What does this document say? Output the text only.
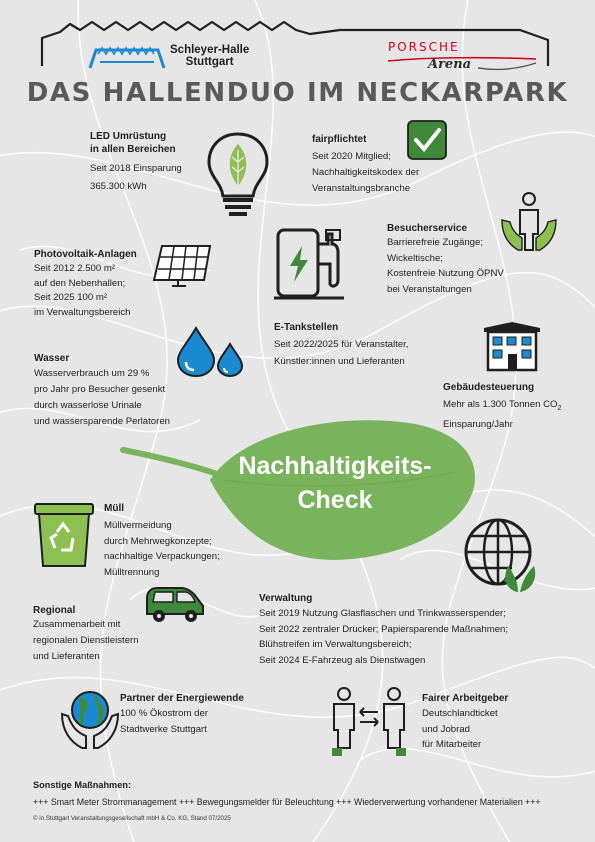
Schleyer-Halle
Stuttgart
PORSCHE
Arena
DAS HALLENDUO IM NECKARPARK
LED Umrüstung
in allen Bereichen
Seit 2018 Einsparung
365.300 kWh
fairpflichtet
Seit 2020 Mitglied;
Nachhaltigkeitskodex der
Veranstaltungsbranche
Photovoltaik-Anlagen
Seit 2012 2.500 m²
auf den Nebenhallen;
Seit 2025 100 m²
im Verwaltungsbereich
E-Tankstellen
Seit 2022/2025 für Veranstalter,
Künstler:innen und Lieferanten
Besucherservice
Barrierefreie Zugänge;
Wickeltische;
Kostenfreie Nutzung ÖPNV
bei Veranstaltungen
Wasser
Wasserverbrauch um 29 %
pro Jahr pro Besucher gesenkt
durch wasserlose Urinale
und wassersparende Perlatoren
Gebäudesteuerung
Mehr als 1.300 Tonnen $CO_2$
Einsparung/Jahr
Nachhaltigkeits-
Check
Müll
Müllvermeidung
durch Mehrwegkonzepte;
nachhaltige Verpackungen;
Mülltrennung
Regional
Zusammenarbeit mit
regionalen Dienstleistern
und Lieferanten
Verwaltung
Seit 2019 Nutzung Glasflaschen und Trinkwasserspender;
Seit 2022 zentraler Drucker; Papiersparende Maßnahmen;
Blühstreifen im Verwaltungsbereich;
Seit 2024 E-Fahrzeug als Dienstwagen
Partner der Energiewende
100 % Ökostrom der
Stadtwerke Stuttgart
Fairer Arbeitgeber
Deutschlandticket
und Jobrad
für Mitarbeiter
Sonstige Maßnahmen:
+++ Smart Meter Strommanagement +++ Bewegungsmelder für Beleuchtung +++ Wiederverwertung vorhandener Materialien +++
© in.Stuttgart Veranstaltungsgesellschaft mbH & Co. KG, Stand 07/2025
